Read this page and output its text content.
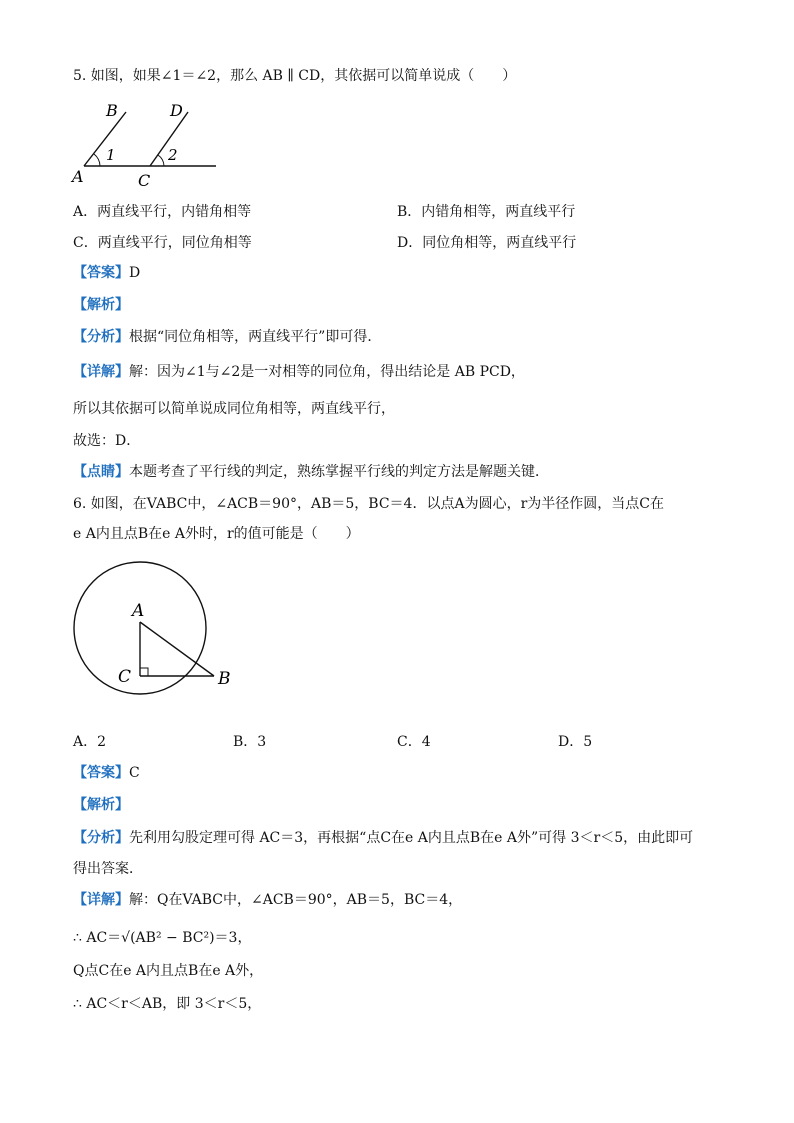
5. 如图，如果∠1＝∠2，那么 AB ∥ CD，其依据可以简单说成（　　）
B	D
A	C
1	2
A．两直线平行，内错角相等	B．内错角相等，两直线平行
C．两直线平行，同位角相等	D．同位角相等，两直线平行
【答案】D
【解析】
【分析】根据“同位角相等，两直线平行”即可得．
【详解】解：因为∠1与∠2是一对相等的同位角，得出结论是 AB PCD，
所以其依据可以简单说成同位角相等，两直线平行，
故选：D．
【点睛】本题考查了平行线的判定，熟练掌握平行线的判定方法是解题关键．
6. 如图，在VABC中，∠ACB＝90°，AB＝5，BC＝4．以点A为圆心，r为半径作圆，当点C在
e A内且点B在e A外时，r的值可能是（　　）
A
C	B
A．2	B．3	C．4	D．5
【答案】C
【解析】
【分析】先利用勾股定理可得 AC＝3，再根据“点C在e A内且点B在e A外”可得 3＜r＜5，由此即可
得出答案．
【详解】解：Q在VABC中，∠ACB＝90°，AB＝5，BC＝4，
∴ AC＝√(AB² − BC²)＝3，
Q点C在e A内且点B在e A外，
∴ AC＜r＜AB，即 3＜r＜5，
